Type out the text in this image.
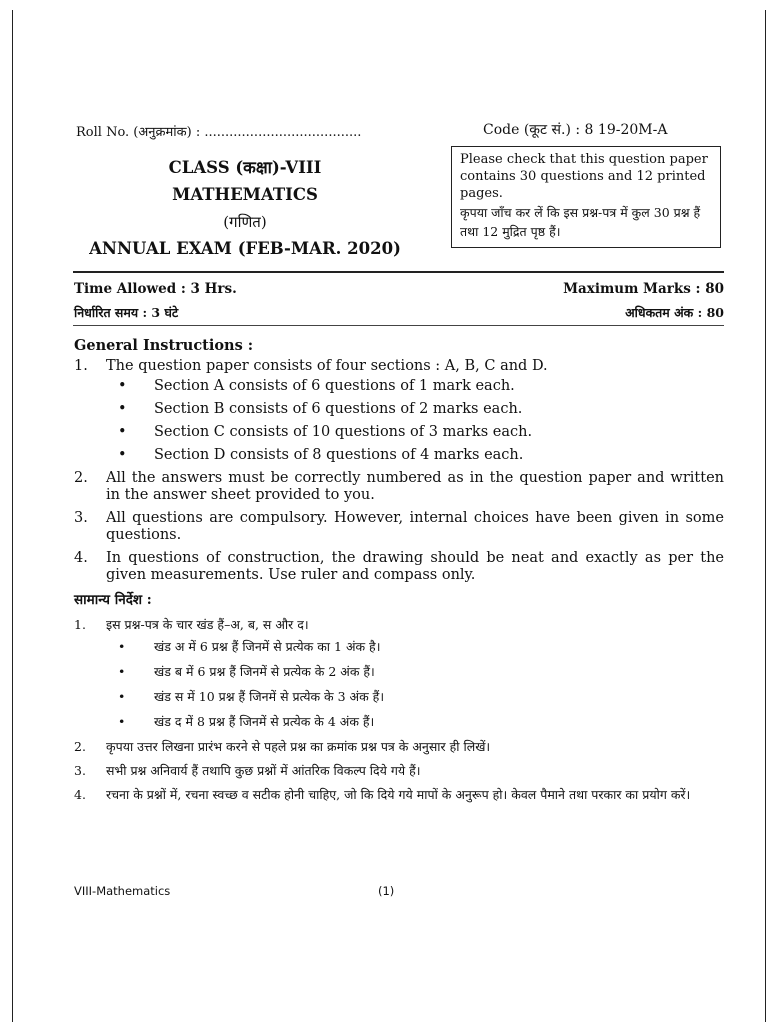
Roll No. (अनुक्रमांक) : ......................................	Code (कूट सं.) : 8 19-20M-A
CLASS (कक्षा)-VIII
MATHEMATICS
(गणित)
ANNUAL EXAM (FEB-MAR. 2020)
Please check that this question paper contains 30 questions and 12 printed pages.
कृपया जाँच कर लें कि इस प्रश्न-पत्र में कुल 30 प्रश्न हैं तथा 12 मुद्रित पृष्ठ हैं।
Time Allowed : 3 Hrs.	Maximum Marks : 80
निर्धारित समय : 3 घंटे	अधिकतम अंक : 80
General Instructions :
1. The question paper consists of four sections : A, B, C and D.
• Section A consists of 6 questions of 1 mark each.
• Section B consists of 6 questions of 2 marks each.
• Section C consists of 10 questions of 3 marks each.
• Section D consists of 8 questions of 4 marks each.
2. All the answers must be correctly numbered as in the question paper and written in the answer sheet provided to you.
3. All questions are compulsory. However, internal choices have been given in some questions.
4. In questions of construction, the drawing should be neat and exactly as per the given measurements. Use ruler and compass only.
सामान्य निर्देश :
1. इस प्रश्न-पत्र के चार खंड हैं–अ, ब, स और द।
• खंड अ में 6 प्रश्न हैं जिनमें से प्रत्येक का 1 अंक है।
• खंड ब में 6 प्रश्न हैं जिनमें से प्रत्येक के 2 अंक हैं।
• खंड स में 10 प्रश्न हैं जिनमें से प्रत्येक के 3 अंक हैं।
• खंड द में 8 प्रश्न हैं जिनमें से प्रत्येक के 4 अंक हैं।
2. कृपया उत्तर लिखना प्रारंभ करने से पहले प्रश्न का क्रमांक प्रश्न पत्र के अनुसार ही लिखें।
3. सभी प्रश्न अनिवार्य हैं तथापि कुछ प्रश्नों में आंतरिक विकल्प दिये गये हैं।
4. रचना के प्रश्नों में, रचना स्वच्छ व सटीक होनी चाहिए, जो कि दिये गये मापों के अनुरूप हो। केवल पैमाने तथा परकार का प्रयोग करें।
VIII-Mathematics	(1)
